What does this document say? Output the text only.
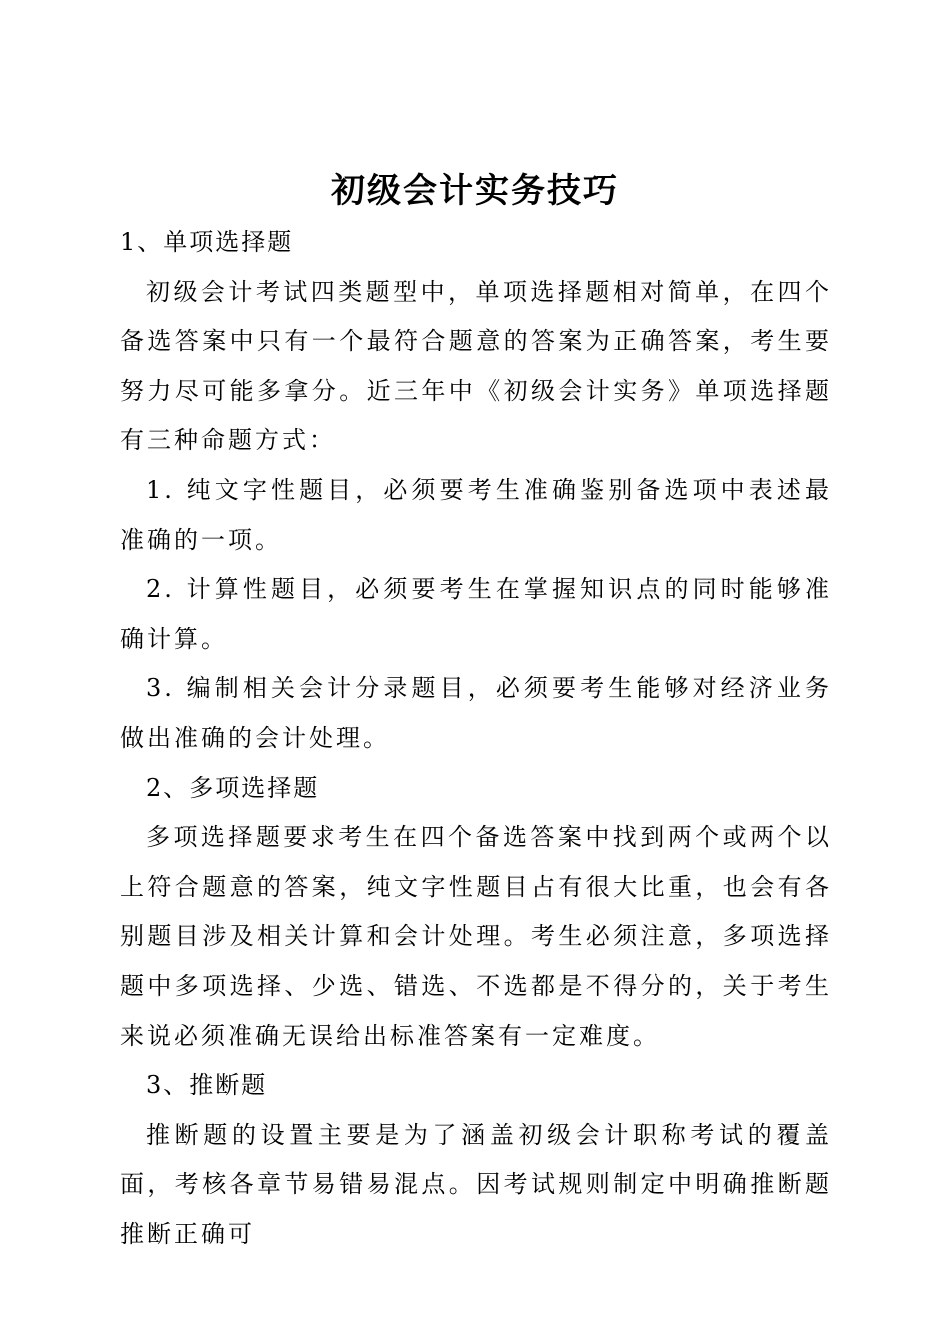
初级会计实务技巧

1、单项选择题

初级会计考试四类题型中，单项选择题相对简单，在四个备选答案中只有一个最符合题意的答案为正确答案，考生要努力尽可能多拿分。近三年中《初级会计实务》单项选择题有三种命题方式：

1. 纯文字性题目，必须要考生准确鉴别备选项中表述最准确的一项。

2. 计算性题目，必须要考生在掌握知识点的同时能够准确计算。

3. 编制相关会计分录题目，必须要考生能够对经济业务做出准确的会计处理。

2、多项选择题

多项选择题要求考生在四个备选答案中找到两个或两个以上符合题意的答案，纯文字性题目占有很大比重，也会有各别题目涉及相关计算和会计处理。考生必须注意，多项选择题中多项选择、少选、错选、不选都是不得分的，关于考生来说必须准确无误给出标准答案有一定难度。

3、推断题

推断题的设置主要是为了涵盖初级会计职称考试的覆盖面，考核各章节易错易混点。因考试规则制定中明确推断题推断正确可
